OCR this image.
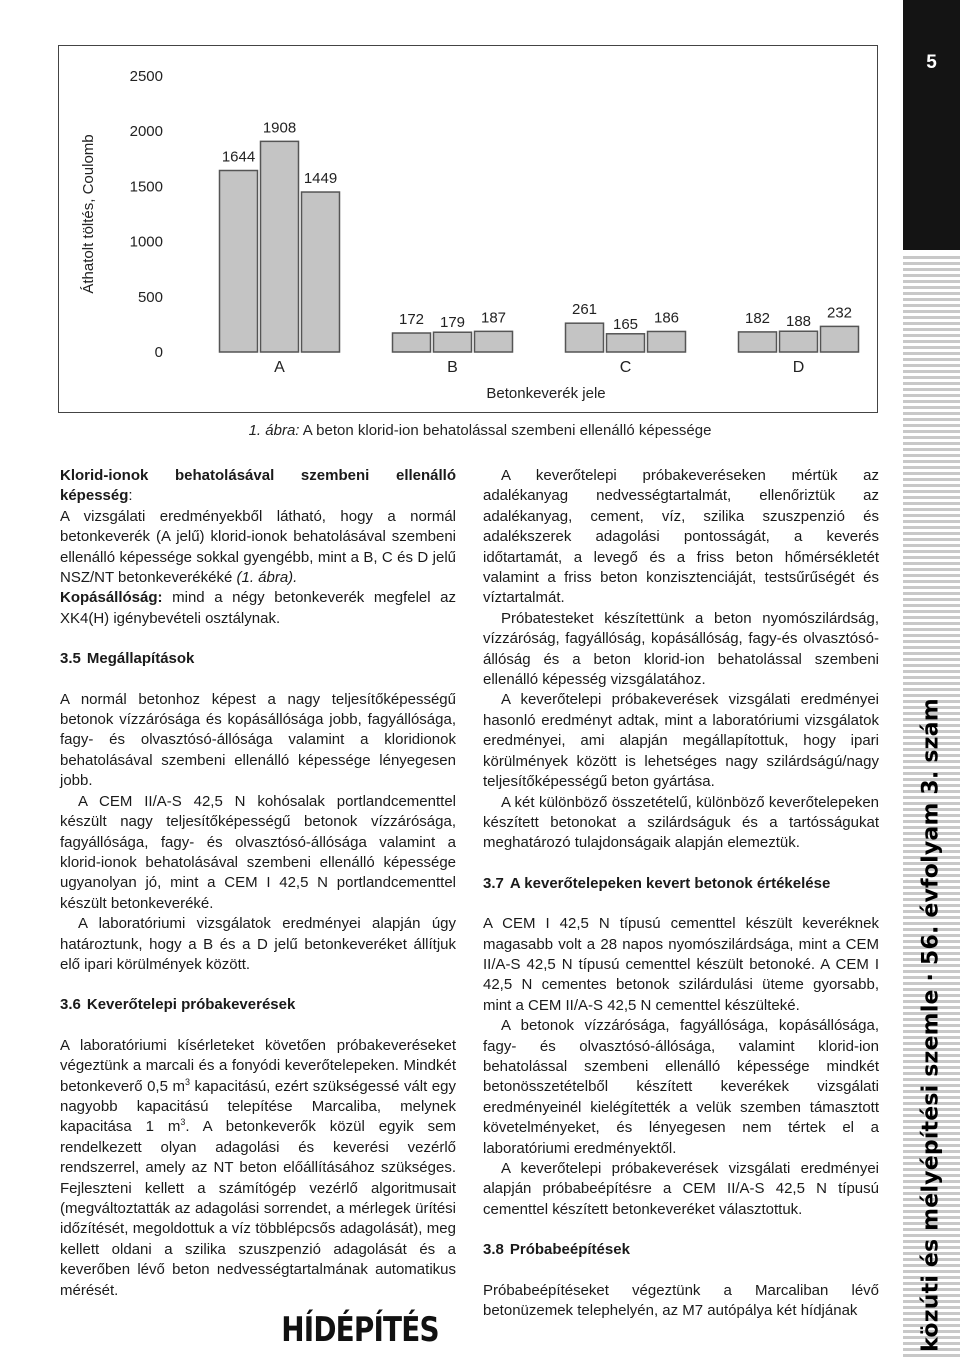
5
közúti és mélyépítési szemle · 56. évfolyam 3. szám
0
500
1000
1500
2000
2500
Áthatolt töltés, Coulomb	1644
1908
1449
A
172 179 187
B
261
165 186
C
182 188
232
D
Betonkeverék jele
1. ábra: A beton klorid-ion behatolással szembeni ellenálló képessége

Klorid-ionok behatolásával szembeni ellenálló képesség:
A vizsgálati eredményekből látható, hogy a normál betonkeverék (A jelű) klorid-ionok behatolásával szembeni ellenálló képessége sokkal gyengébb, mint a B, C és D jelű NSZ/NT betonkeverékéké (1. ábra).

Kopásállóság: mind a négy betonkeverék megfelel az XK4(H) igénybevételi osztálynak.

3.5 Megállapítások

A normál betonhoz képest a nagy teljesítőképességű betonok vízzárósága és kopásállósága jobb, fagyállósága, fagy- és olvasztósó-állósága valamint a kloridionok behatolásával szembeni ellenálló képessége lényegesen jobb.

A CEM II/A-S 42,5 N kohósalak portlandcementtel készült nagy teljesítőképességű betonok vízzárósága, fagyállósága, fagy- és olvasztósó-állósága valamint a klorid-ionok behatolásával szembeni ellenálló képessége ugyanolyan jó, mint a CEM I 42,5 N portlandcementtel készült betonkeveréké.

A laboratóriumi vizsgálatok eredményei alapján úgy határoztunk, hogy a B és a D jelű betonkeveréket állítjuk elő ipari körülmények között.

3.6 Keverőtelepi próbakeverések

A laboratóriumi kísérleteket követően próbakeveréseket végeztünk a marcali és a fonyódi keverőtelepeken. Mindkét betonkeverő 0,5 $m^3$ kapacitású, ezért szükségessé vált egy nagyobb kapacitású telepítése Marcaliba, melynek kapacitása 1 $m^3$. A betonkeverők közül egyik sem rendelkezett olyan adagolási és keverési vezérlő rendszerrel, amely az NT beton előállításához szükséges. Fejleszteni kellett a számítógép vezérlő algoritmusait (megváltoztatták az adagolási sorrendet, a mérlegek ürítési időzítését, megoldottuk a víz többlépcsős adagolását), meg kellett oldani a szilika szuszpenzió adagolását és a keverőben lévő beton nedvességtartalmának automatikus mérését.

A keverőtelepi próbakeveréseken mértük az adalékanyag nedvességtartalmát, ellenőriztük az adalékanyag, cement, víz, szilika szuszpenzió és adalékszerek adagolási pontosságát, a keverés időtartamát, a levegő és a friss beton hőmérsékletét valamint a friss beton konzisztenciáját, testsűrűségét és víztartalmát.

Próbatesteket készítettünk a beton nyomószilárdság, vízzáróság, fagyállóság, kopásállóság, fagy-és olvasztósó-állóság és a beton klorid-ion behatolással szembeni ellenálló képesség vizsgálatához.

A keverőtelepi próbakeverések vizsgálati eredményei hasonló eredményt adtak, mint a laboratóriumi vizsgálatok eredményei, ami alapján megállapítottuk, hogy ipari körülmények között is lehetséges nagy szilárdságú/nagy teljesítőképességű beton gyártása.

A két különböző összetételű, különböző keverőtelepeken készített betonokat a szilárdságuk és a tartósságukat meghatározó tulajdonságaik alapján elemeztük.

3.7 A keverőtelepeken kevert betonok értékelése

A CEM I 42,5 N típusú cementtel készült keveréknek magasabb volt a 28 napos nyomószilárdsága, mint a CEM II/A-S 42,5 N típusú cementtel készült betonoké. A CEM I 42,5 N cementes betonok szilárdulási üteme gyorsabb, mint a CEM II/A-S 42,5 N cementtel készülteké.

A betonok vízzárósága, fagyállósága, kopásállósága, fagy- és olvasztósó-állósága, valamint klorid-ion behatolással szembeni ellenálló képessége mindkét betonösszetételből készített keverékek vizsgálati eredményeinél kielégítették a velük szemben támasztott követelményeket, és lényegesen nem tértek el a laboratóriumi eredményektől.

A keverőtelepi próbakeverések vizsgálati eredményei alapján próbabeépítésre a CEM II/A-S 42,5 N típusú cementtel készített betonkeveréket választottuk.

3.8 Próbabeépítések

Próbabeépítéseket végeztünk a Marcaliban lévő betonüzemek telephelyén, az M7 autópálya két hídjának

HÍDÉPÍTÉS
